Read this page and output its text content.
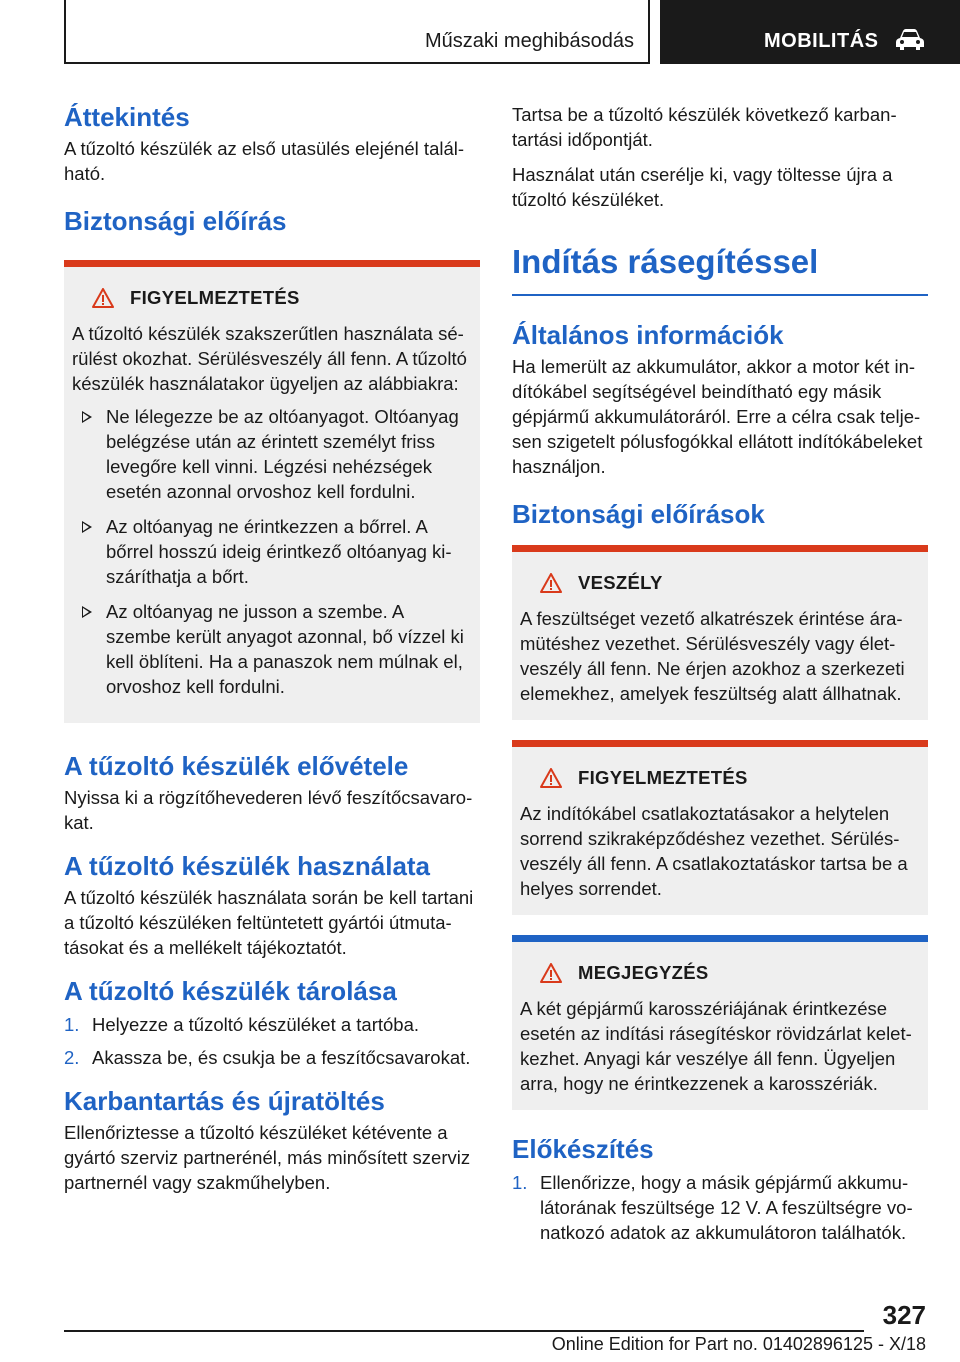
Műszaki meghibásodás	MOBILITÁS
Áttekintés

A tűzoltó készülék az első utasülés elejénél található.

Biztonsági előírás
FIGYELMEZTETÉS

A tűzoltó készülék szakszerűtlen használata sérülést okozhat. Sérülésveszély áll fenn. A tűzoltó készülék használatakor ügyeljen az alábbiakra:

Ne lélegezze be az oltóanyagot. Oltóanyag belégzése után az érintett személyt friss levegőre kell vinni. Légzési nehézségek esetén azonnal orvoshoz kell fordulni.
Az oltóanyag ne érintkezzen a bőrrel. A bőrrel hosszú ideig érintkező oltóanyag kiszáríthatja a bőrt.
Az oltóanyag ne jusson a szembe. A szembe került anyagot azonnal, bő vízzel ki kell öblíteni. Ha a panaszok nem múlnak el, orvoshoz kell fordulni.
A tűzoltó készülék elővétele

Nyissa ki a rögzítőhevederen lévő feszítőcsavarokat.

A tűzoltó készülék használata

A tűzoltó készülék használata során be kell tartani a tűzoltó készüléken feltüntetett gyártói útmutatásokat és a mellékelt tájékoztatót.

A tűzoltó készülék tárolása
1. Helyezze a tűzoltó készüléket a tartóba.
2. Akassza be, és csukja be a feszítőcsavarokat.
Karbantartás és újratöltés

Ellenőriztesse a tűzoltó készüléket kétévente a gyártó szerviz partnerénél, más minősített szerviz partnernél vagy szakműhelyben.

Tartsa be a tűzoltó készülék következő karbantartási időpontját.

Használat után cserélje ki, vagy töltesse újra a tűzoltó készüléket.

Indítás rásegítéssel
Általános információk

Ha lemerült az akkumulátor, akkor a motor két indítókábel segítségével beindítható egy másik gépjármű akkumulátoráról. Erre a célra csak teljesen szigetelt pólusfogókkal ellátott indítókábeleket használjon.

Biztonsági előírások
VESZÉLY

A feszültséget vezető alkatrészek érintése áramütéshez vezethet. Sérülésveszély vagy életveszély áll fenn. Ne érjen azokhoz a szerkezeti elemekhez, amelyek feszültség alatt állhatnak.

FIGYELMEZTETÉS

Az indítókábel csatlakoztatásakor a helytelen sorrend szikraképződéshez vezethet. Sérülésveszély áll fenn. A csatlakoztatáskor tartsa be a helyes sorrendet.

MEGJEGYZÉS

A két gépjármű karosszériájának érintkezése esetén az indítási rásegítéskor rövidzárlat keletkezhet. Anyagi kár veszélye áll fenn. Ügyeljen arra, hogy ne érintkezzenek a karosszériák.

Előkészítés
1. Ellenőrizze, hogy a másik gépjármű akkumulátorának feszültsége 12 V. A feszültségre vonatkozó adatok az akkumulátoron találhatók.
327
Online Edition for Part no. 01402896125 - X/18
